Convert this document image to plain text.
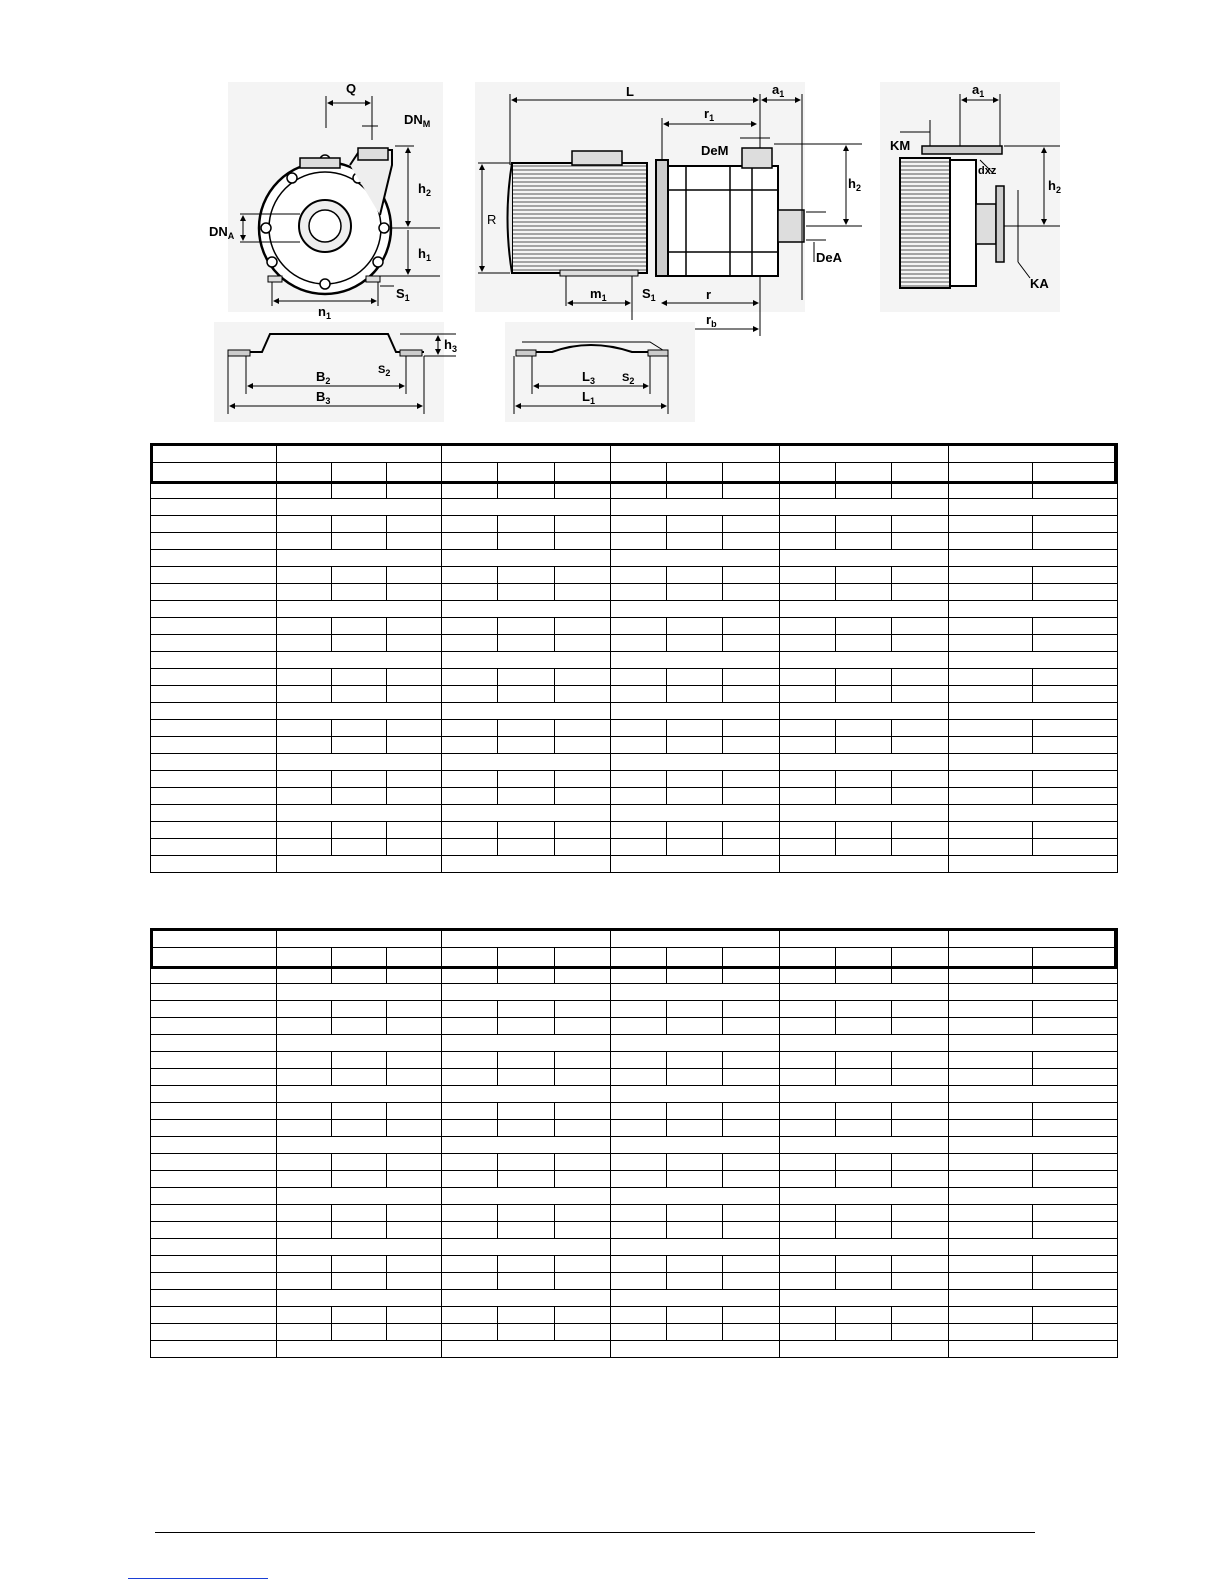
Q
$DN_M$
$h_2$
$h_1$
$DN_A$
$n_1$
$S_1$
L	$a_1$
$r_1$
DeM
$h_2$
R
DeA
$m_1$	$S_1$	r
$r_b$
$a_1$
KM
dxz
$h_2$
KA
$h_3$
$B_2$
$S_2$
$B_3$
$L_3$ $S_2$
$L_1$
